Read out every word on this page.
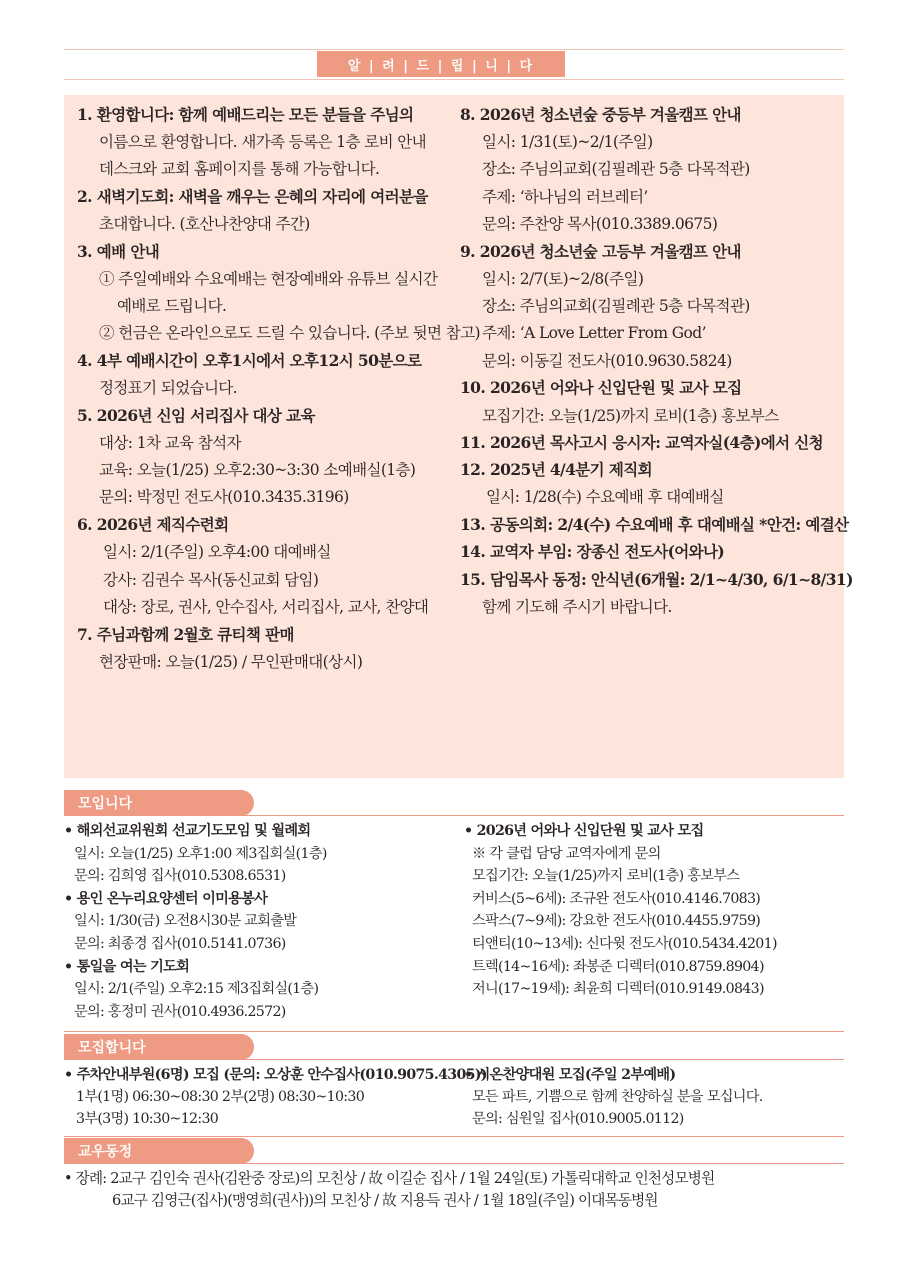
알 | 려 | 드 | 립 | 니 | 다
1. 환영합니다: 함께 예배드리는 모든 분들을 주님의
이름으로 환영합니다. 새가족 등록은 1층 로비 안내
데스크와 교회 홈페이지를 통해 가능합니다.
2. 새벽기도회: 새벽을 깨우는 은혜의 자리에 여러분을
초대합니다. (호산나찬양대 주간)
3. 예배 안내
① 주일예배와 수요예배는 현장예배와 유튜브 실시간
예배로 드립니다.
② 헌금은 온라인으로도 드릴 수 있습니다. (주보 뒷면 참고)
4. 4부 예배시간이 오후1시에서 오후12시 50분으로
정정표기 되었습니다.
5. 2026년 신임 서리집사 대상 교육
대상: 1차 교육 참석자
교육: 오늘(1/25) 오후2:30~3:30 소예배실(1층)
문의: 박정민 전도사(010.3435.3196)
6. 2026년 제직수련회
일시: 2/1(주일) 오후4:00 대예배실
강사: 김권수 목사(동신교회 담임)
대상: 장로, 권사, 안수집사, 서리집사, 교사, 찬양대
7. 주님과함께 2월호 큐티책 판매
현장판매: 오늘(1/25) / 무인판매대(상시)
8. 2026년 청소년숲 중등부 겨울캠프 안내
일시: 1/31(토)~2/1(주일)
장소: 주님의교회(김필례관 5층 다목적관)
주제: ‘하나님의 러브레터’
문의: 주찬양 목사(010.3389.0675)
9. 2026년 청소년숲 고등부 겨울캠프 안내
일시: 2/7(토)~2/8(주일)
장소: 주님의교회(김필례관 5층 다목적관)
주제: ‘A Love Letter From God’
문의: 이동길 전도사(010.9630.5824)
10. 2026년 어와나 신입단원 및 교사 모집
모집기간: 오늘(1/25)까지 로비(1층) 홍보부스
11. 2026년 목사고시 응시자: 교역자실(4층)에서 신청
12. 2025년 4/4분기 제직회
일시: 1/28(수) 수요예배 후 대예배실
13. 공동의회: 2/4(수) 수요예배 후 대예배실 *안건: 예결산
14. 교역자 부임: 장종신 전도사(어와나)
15. 담임목사 동정: 안식년(6개월: 2/1~4/30, 6/1~8/31)
함께 기도해 주시기 바랍니다.
모입니다
• 해외선교위원회 선교기도모임 및 월례회
일시: 오늘(1/25) 오후1:00 제3집회실(1층)
문의: 김희영 집사(010.5308.6531)
• 용인 온누리요양센터 이미용봉사
일시: 1/30(금) 오전8시30분 교회출발
문의: 최종경 집사(010.5141.0736)
• 통일을 여는 기도회
일시: 2/1(주일) 오후2:15 제3집회실(1층)
문의: 홍정미 권사(010.4936.2572)
• 2026년 어와나 신입단원 및 교사 모집
※ 각 클럽 담당 교역자에게 문의
모집기간: 오늘(1/25)까지 로비(1층) 홍보부스
커비스(5~6세): 조규완 전도사(010.4146.7083)
스팍스(7~9세): 강요한 전도사(010.4455.9759)
티앤티(10~13세): 신다윗 전도사(010.5434.4201)
트렉(14~16세): 좌봉준 디렉터(010.8759.8904)
저니(17~19세): 최윤희 디렉터(010.9149.0843)
모집합니다
• 주차안내부원(6명) 모집 (문의: 오상훈 안수집사(010.9075.4305))
1부(1명) 06:30~08:30 2부(2명) 08:30~10:30
3부(3명) 10:30~12:30
• 시온찬양대원 모집(주일 2부예배)
모든 파트, 기쁨으로 함께 찬양하실 분을 모십니다.
문의: 심원일 집사(010.9005.0112)
교우동정
• 장례: 2교구 김인숙 권사(김완중 장로)의 모친상 / 故 이길순 집사 / 1월 24일(토) 가톨릭대학교 인천성모병원
6교구 김영근(집사)(맹영희(권사))의 모친상 / 故 지용득 권사 / 1월 18일(주일) 이대목동병원
